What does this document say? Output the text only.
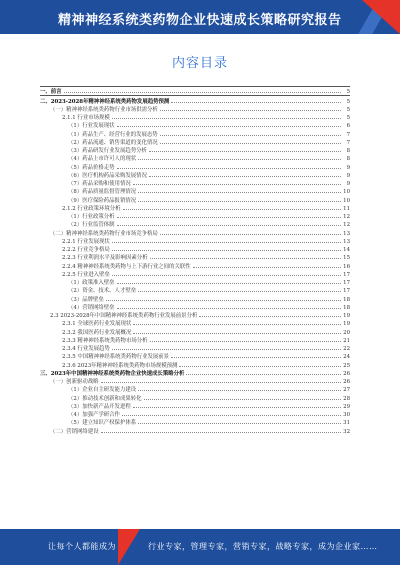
精神神经系统类药物企业快速成长策略研究报告
内容目录
一、前言	5
二、2023-2028年精神神经系统类药物发展趋势预测	5
（一）精神神经系统类药物行业市场供需分析	5
2.1.1 行业市场规模	5
（1）行业发展现状	6
（1）药品生产、经营行业的发展态势	7
（2）药品流通、销售渠道的变化情况	7
（3）药品研发行业发展趋势分析	8
（4）药品上市许可人的现状	8
（5）药品价格走势	9
（6）医疗机构药品采购发展情况	9
（7）药品采购和使用情况	9
（8）药品质量监督管理情况	10
（9）医疗保险药品报销情况	10
2.1.2 行业政策环境分析	11
（1）行业政策分析	12
（2）行业监管体制	12
（二）精神神经系统类药物行业市场竞争格局	13
2.2.1 行业发展现状	13
2.2.2 行业竞争格局	14
2.2.3 行业利润水平及影响因素分析	15
2.2.4 精神神经系统类药物与上下游行业之间的关联性	16
2.2.5 行业进入壁垒	17
（1）政策准入壁垒	17
（2）资金、技术、人才壁垒	17
（3）品牌壁垒	18
（4）营销网络壁垒	18
2.3 2023-2028年中国精神神经系统类药物行业发展前景分析	19
2.3.1 全球医药行业发展现状	19
2.3.2 我国医药行业发展概况	20
2.3.3 精神神经系统类药物市场分析	21
2.3.4 行业发展趋势	22
2.3.5 中国精神神经系统类药物行业发展前景	24
2.3.6 2023年精神神经系统类药物市场规模预测	25
三、2023年中国精神神经系统类药物企业快速成长策略分析	26
（一）创新驱动战略	26
（1）企业自主研发能力建设	27
（2）推动技术创新和成果转化	28
（3）加快新产品开发进程	29
（4）加强产学研合作	30
（5）建立知识产权保护体系	31
（二）营销网络建设	32
让每个人都能成为	行业专家，管理专家，营销专家，战略专家，成为企业家……
